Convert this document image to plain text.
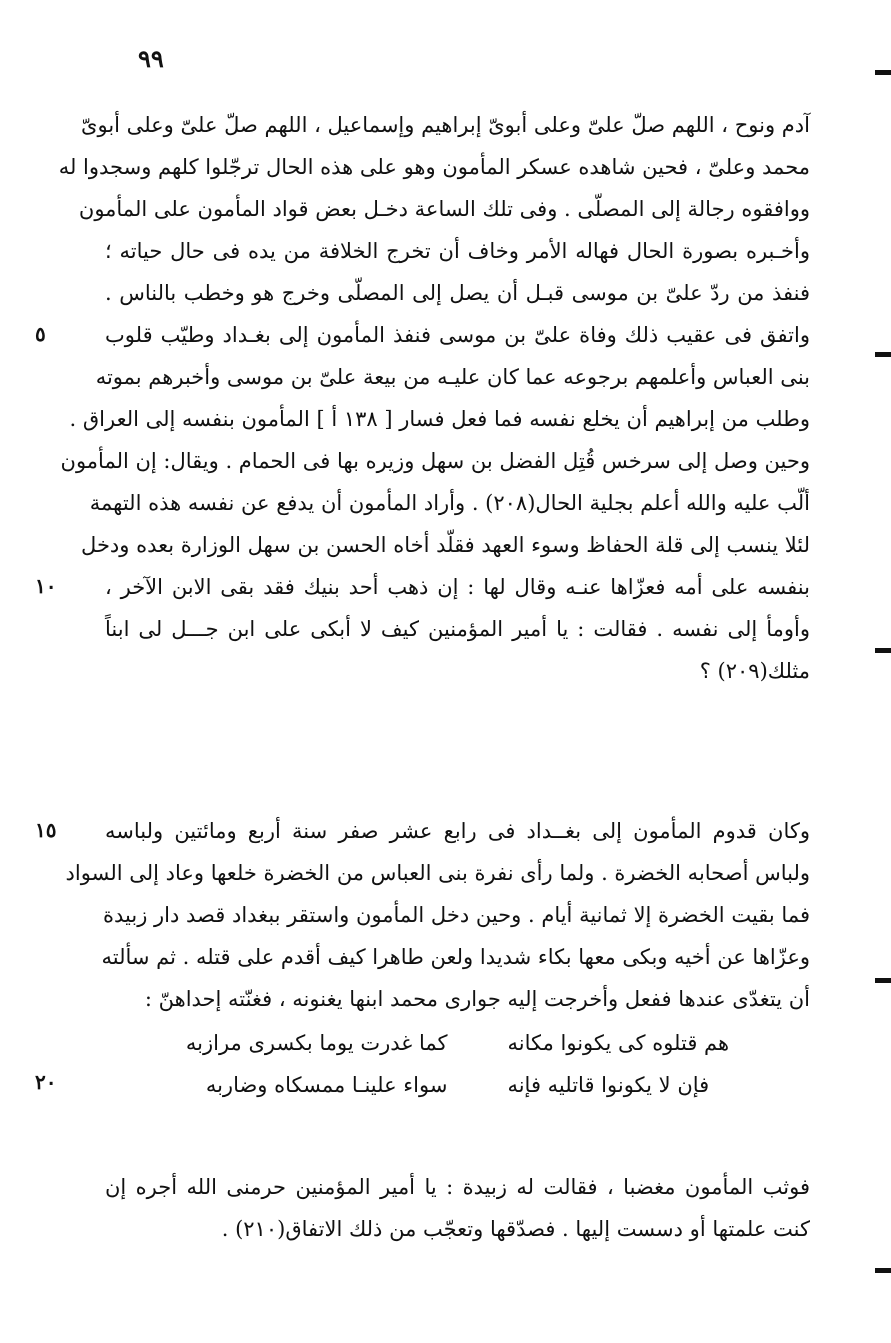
٩٩
٥
١٠
١٥
٢٠
آدم ونوح ، اللهم صلّ علىّ وعلى أبوىّ إبراهيم وإسماعيل ، اللهم صلّ علىّ وعلى أبوىّ
محمد وعلىّ ، فحين شاهده عسكر المأمون وهو على هذه الحال ترجّلوا كلهم وسجدوا له
ووافقوه رجالة إلى المصلّى . وفى تلك الساعة دخـل بعض قواد المأمون على المأمون
وأخـبره بصورة الحال فهاله الأمر وخاف أن تخرج الخلافة من يده فى حال حياته ؛
فنفذ من ردّ علىّ بن موسى قبـل أن يصل إلى المصلّى وخرج هو وخطب بالناس .
واتفق فى عقيب ذلك وفاة علىّ بن موسى فنفذ المأمون إلى بغـداد وطيّب قلوب
بنى العباس وأعلمهم برجوعه عما كان عليـه من بيعة علىّ بن موسى وأخبرهم بموته
وطلب من إبراهيم أن يخلع نفسه فما فعل فسار [ ١٣٨ أ ] المأمون بنفسه إلى العراق .
وحين وصل إلى سرخس قُتِل الفضل بن سهل وزيره بها فى الحمام . ويقال: إن المأمون
ألّب عليه والله أعلم بجلية الحال(٢٠٨) . وأراد المأمون أن يدفع عن نفسه هذه التهمة
لئلا ينسب إلى قلة الحفاظ وسوء العهد فقلّد أخاه الحسن بن سهل الوزارة بعده ودخل
بنفسه على أمه فعزّاها عنـه وقال لها : إن ذهب أحد بنيك فقد بقى الابن الآخر ،
وأومأ إلى نفسه . فقالت : يا أمير المؤمنين كيف لا أبكى على ابن جـــل لى ابناً
مثلك(٢٠٩) ؟
وكان قدوم المأمون إلى بغــداد فى رابع عشر صفر سنة أربع ومائتين ولباسه
ولباس أصحابه الخضرة . ولما رأى نفرة بنى العباس من الخضرة خلعها وعاد إلى السواد
فما بقيت الخضرة إلا ثمانية أيام . وحين دخل المأمون واستقر ببغداد قصد دار زبيدة
وعزّاها عن أخيه وبكى معها بكاء شديدا ولعن طاهرا كيف أقدم على قتله . ثم سألته
أن يتغدّى عندها ففعل وأخرجت إليه جوارى محمد ابنها يغنونه ، فغنّته إحداهنّ :
هم قتلوه كى يكونوا مكانه
كما غدرت يوما بكسرى مرازبه
فإن لا يكونوا قاتليه فإنه
سواء علينـا ممسكاه وضاربه
فوثب المأمون مغضبا ، فقالت له زبيدة : يا أمير المؤمنين حرمنى الله أجره إن
كنت علمتها أو دسست إليها . فصدّقها وتعجّب من ذلك الاتفاق(٢١٠) .
